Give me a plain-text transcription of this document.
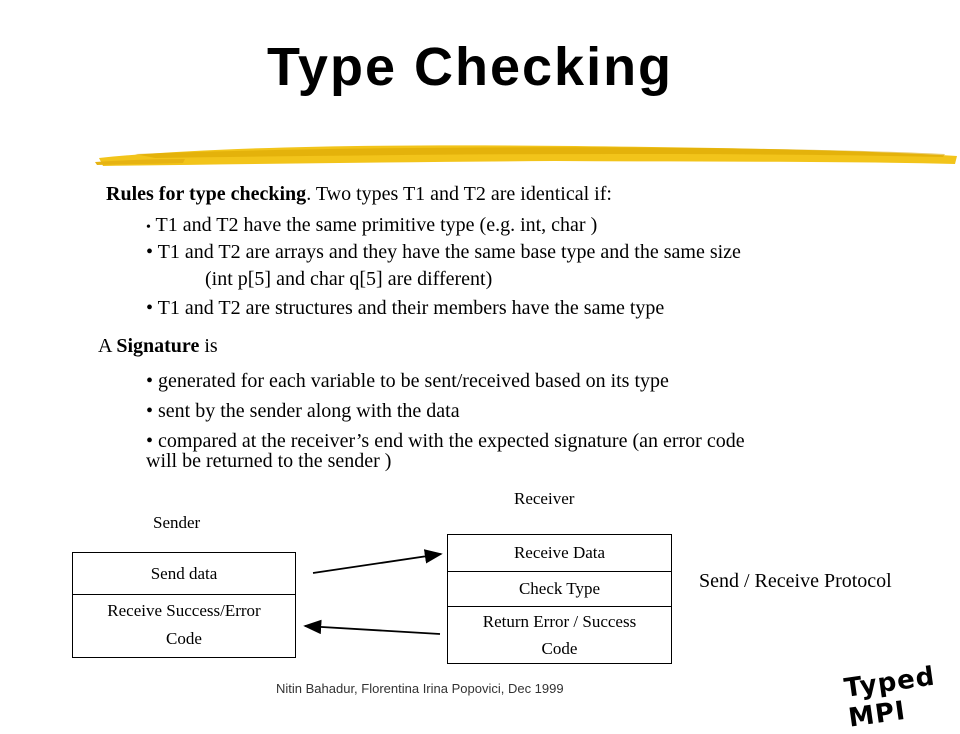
Type Checking
Rules for type checking. Two types T1 and T2 are identical if:
• T1 and T2 have the same primitive type (e.g. int, char )
• T1 and T2 are arrays and they have the same base type and the same size
(int p[5] and char q[5] are different)
• T1 and T2 are structures and their members have the same type
A Signature is
• generated for each variable to be sent/received based on its type
• sent by the sender along with the data
• compared at the receiver’s end with the expected signature (an error code
will be returned to the sender )
Receiver
Sender
Send data
Receive Success/Error
Code
Receive Data
Check Type
Return Error / Success
Code
Send / Receive Protocol
Nitin Bahadur, Florentina Irina Popovici, Dec 1999	Typed MPI
